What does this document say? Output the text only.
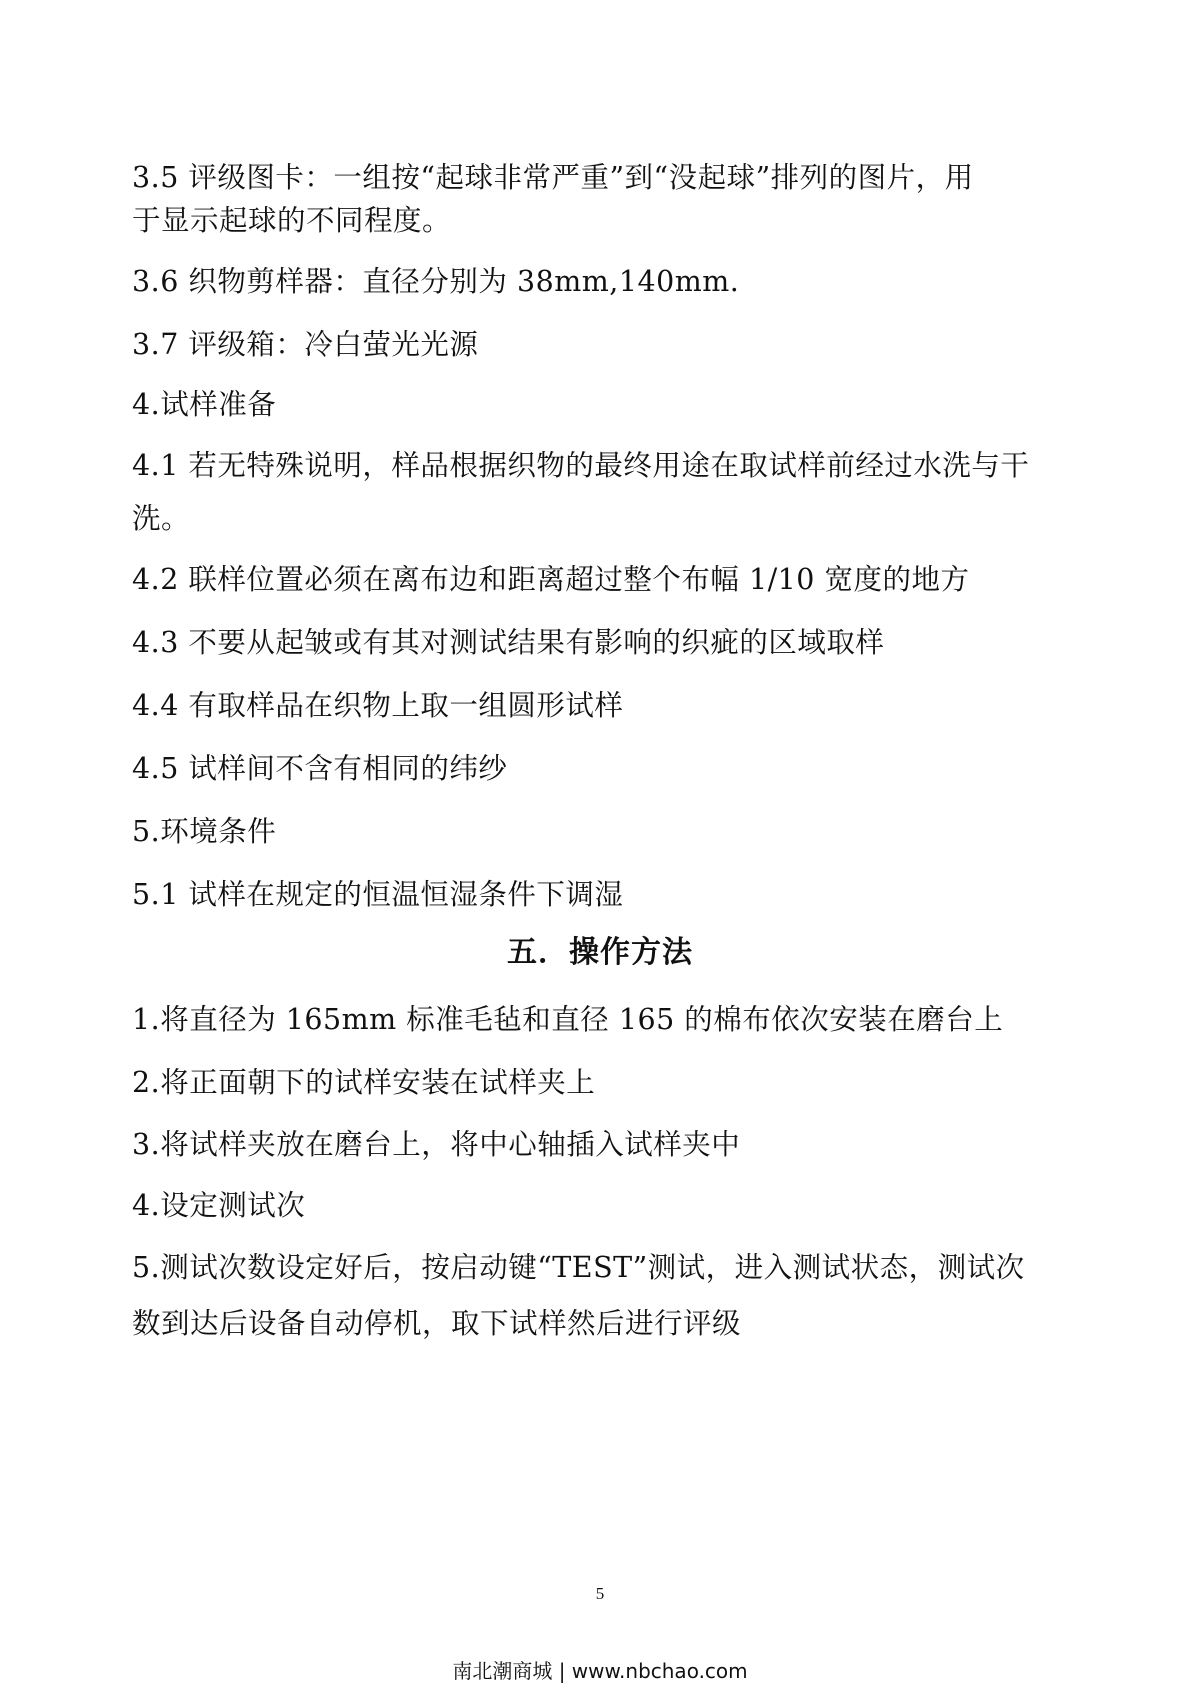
3.5 评级图卡：一组按“起球非常严重”到“没起球”排列的图片，用
于显示起球的不同程度。
3.6 织物剪样器：直径分别为 38mm,140mm.
3.7 评级箱：冷白萤光光源
4.试样准备
4.1 若无特殊说明，样品根据织物的最终用途在取试样前经过水洗与干
洗。
4.2 联样位置必须在离布边和距离超过整个布幅 1/10 宽度的地方
4.3 不要从起皱或有其对测试结果有影响的织疵的区域取样
4.4 有取样品在织物上取一组圆形试样
4.5 试样间不含有相同的纬纱
5.环境条件
5.1 试样在规定的恒温恒湿条件下调湿
五．操作方法
1.将直径为 165mm 标准毛毡和直径 165 的棉布依次安装在磨台上
2.将正面朝下的试样安装在试样夹上
3.将试样夹放在磨台上，将中心轴插入试样夹中
4.设定测试次
5.测试次数设定好后，按启动键“TEST”测试，进入测试状态，测试次
数到达后设备自动停机，取下试样然后进行评级
5
南北潮商城 | www.nbchao.com
